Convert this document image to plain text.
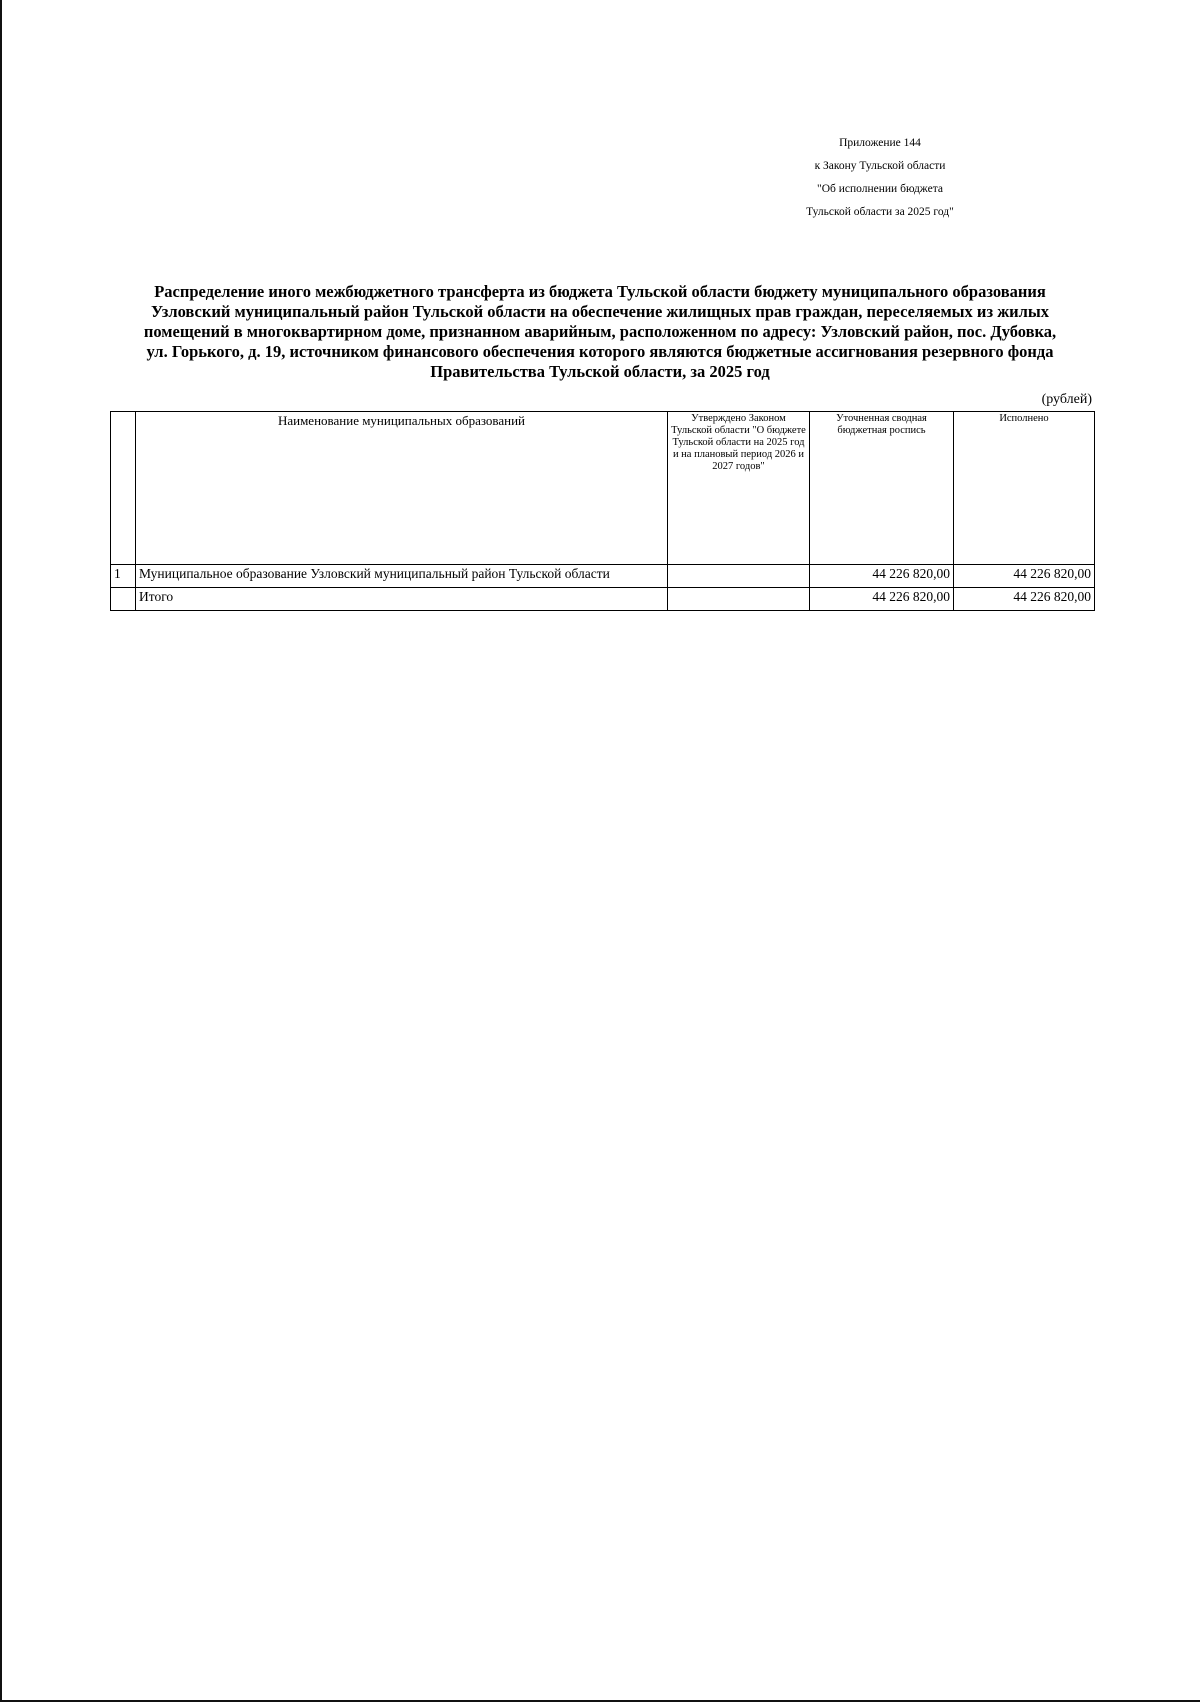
Приложение 144
к Закону Тульской области
"Об исполнении бюджета
Тульской области за 2025 год"
Распределение иного межбюджетного трансферта из бюджета Тульской области бюджету муниципального образования
Узловский муниципальный район Тульской области на обеспечение жилищных прав граждан, переселяемых из жилых
помещений в многоквартирном доме, признанном аварийным, расположенном по адресу: Узловский район, пос. Дубовка,
ул. Горького, д. 19, источником финансового обеспечения которого являются бюджетные ассигнования резервного фонда
Правительства Тульской области, за 2025 год
(рублей)
	Наименование муниципальных образований	Утверждено Законом Тульской области "О бюджете Тульской области на 2025 год и на плановый период 2026 и 2027 годов"	Уточненная сводная бюджетная роспись	Исполнено
1	Муниципальное образование Узловский муниципальный район Тульской области		44 226 820,00	44 226 820,00
	Итого		44 226 820,00	44 226 820,00
